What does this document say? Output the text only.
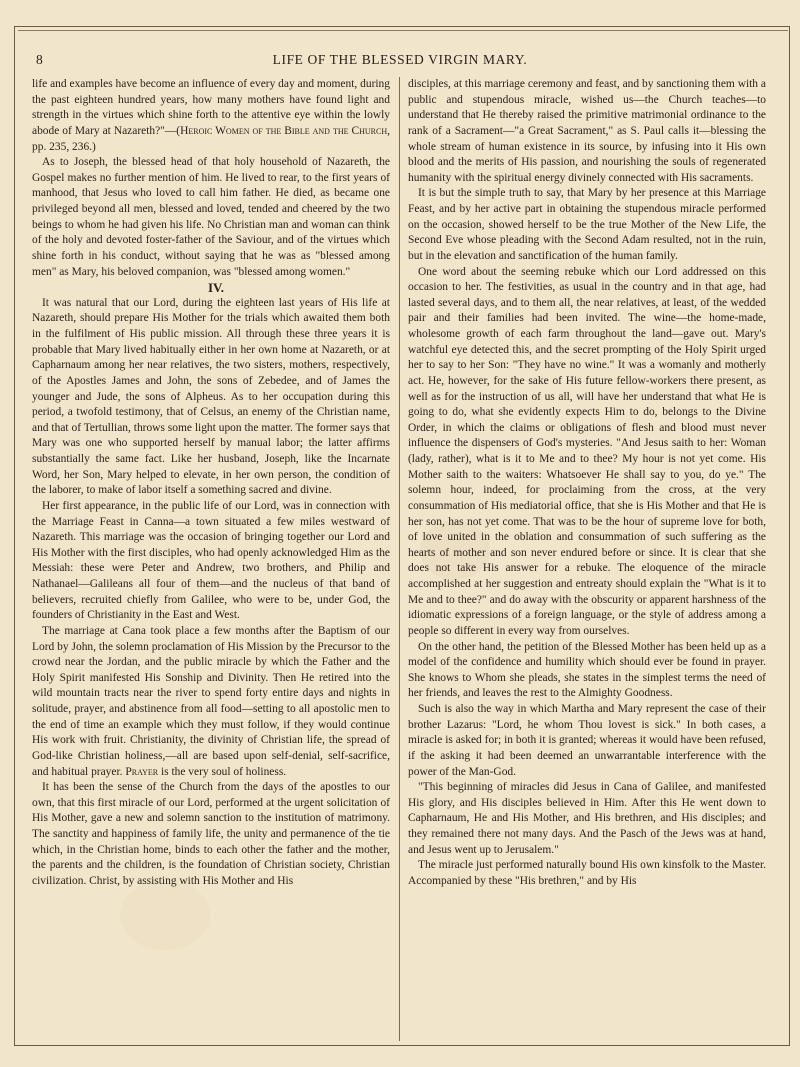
8	LIFE OF THE BLESSED VIRGIN MARY.

life and examples have become an influence of every day and moment, during the past eighteen hundred years, how many mothers have found light and strength in the virtues which shine forth to the attentive eye within the lowly abode of Mary at Nazareth?"—(Heroic Women of the Bible and the Church, pp. 235, 236.)

As to Joseph, the blessed head of that holy household of Nazareth, the Gospel makes no further mention of him. He lived to rear, to the first years of manhood, that Jesus who loved to call him father. He died, as became one privileged beyond all men, blessed and loved, tended and cheered by the two beings to whom he had given his life. No Christian man and woman can think of the holy and devoted foster-father of the Saviour, and of the virtues which shine forth in his conduct, without saying that he was as "blessed among men" as Mary, his beloved companion, was "blessed among women."

IV.

It was natural that our Lord, during the eighteen last years of His life at Nazareth, should prepare His Mother for the trials which awaited them both in the fulfilment of His public mission. All through these three years it is probable that Mary lived habitually either in her own home at Nazareth, or at Capharnaum among her near relatives, the two sisters, mothers, respectively, of the Apostles James and John, the sons of Zebedee, and of James the younger and Jude, the sons of Alpheus. As to her occupation during this period, a twofold testimony, that of Celsus, an enemy of the Christian name, and that of Tertullian, throws some light upon the matter. The former says that Mary was one who supported herself by manual labor; the latter affirms substantially the same fact. Like her husband, Joseph, like the Incarnate Word, her Son, Mary helped to elevate, in her own person, the condition of the laborer, to make of labor itself a something sacred and divine.

Her first appearance, in the public life of our Lord, was in connection with the Marriage Feast in Canna—a town situated a few miles westward of Nazareth. This marriage was the occasion of bringing together our Lord and His Mother with the first disciples, who had openly acknowledged Him as the Messiah: these were Peter and Andrew, two brothers, and Philip and Nathanael—Galileans all four of them—and the nucleus of that band of believers, recruited chiefly from Galilee, who were to be, under God, the founders of Christianity in the East and West.

The marriage at Cana took place a few months after the Baptism of our Lord by John, the solemn proclamation of His Mission by the Precursor to the crowd near the Jordan, and the public miracle by which the Father and the Holy Spirit manifested His Sonship and Divinity. Then He retired into the wild mountain tracts near the river to spend forty entire days and nights in solitude, prayer, and abstinence from all food—setting to all apostolic men to the end of time an example which they must follow, if they would continue His work with fruit. Christianity, the divinity of Christian life, the spread of God-like Christian holiness,—all are based upon self-denial, self-sacrifice, and habitual prayer. Prayer is the very soul of holiness.

It has been the sense of the Church from the days of the apostles to our own, that this first miracle of our Lord, performed at the urgent solicitation of His Mother, gave a new and solemn sanction to the institution of matrimony. The sanctity and happiness of family life, the unity and permanence of the tie which, in the Christian home, binds to each other the father and the mother, the parents and the children, is the foundation of Christian society, Christian civilization. Christ, by assisting with His Mother and His

disciples, at this marriage ceremony and feast, and by sanctioning them with a public and stupendous miracle, wished us—the Church teaches—to understand that He thereby raised the primitive matrimonial ordinance to the rank of a Sacrament—"a Great Sacrament," as S. Paul calls it—blessing the whole stream of human existence in its source, by infusing into it His own blood and the merits of His passion, and nourishing the souls of regenerated humanity with the spiritual energy divinely connected with His sacraments.

It is but the simple truth to say, that Mary by her presence at this Marriage Feast, and by her active part in obtaining the stupendous miracle performed on the occasion, showed herself to be the true Mother of the New Life, the Second Eve whose pleading with the Second Adam resulted, not in the ruin, but in the elevation and sanctification of the human family.

One word about the seeming rebuke which our Lord addressed on this occasion to her. The festivities, as usual in the country and in that age, had lasted several days, and to them all, the near relatives, at least, of the wedded pair and their families had been invited. The wine—the home-made, wholesome growth of each farm throughout the land—gave out. Mary's watchful eye detected this, and the secret prompting of the Holy Spirit urged her to say to her Son: "They have no wine." It was a womanly and motherly act. He, however, for the sake of His future fellow-workers there present, as well as for the instruction of us all, will have her understand that what He is going to do, what she evidently expects Him to do, belongs to the Divine Order, in which the claims or obligations of flesh and blood must never influence the dispensers of God's mysteries. "And Jesus saith to her: Woman (lady, rather), what is it to Me and to thee? My hour is not yet come. His Mother saith to the waiters: Whatsoever He shall say to you, do ye." The solemn hour, indeed, for proclaiming from the cross, at the very consummation of His mediatorial office, that she is His Mother and that He is her son, has not yet come. That was to be the hour of supreme love for both, of love united in the oblation and consummation of such suffering as the hearts of mother and son never endured before or since. It is clear that she does not take His answer for a rebuke. The eloquence of the miracle accomplished at her suggestion and entreaty should explain the "What is it to Me and to thee?" and do away with the obscurity or apparent harshness of the idiomatic expressions of a foreign language, or the style of address among a people so different in every way from ourselves.

On the other hand, the petition of the Blessed Mother has been held up as a model of the confidence and humility which should ever be found in prayer. She knows to Whom she pleads, she states in the simplest terms the need of her friends, and leaves the rest to the Almighty Goodness.

Such is also the way in which Martha and Mary represent the case of their brother Lazarus: "Lord, he whom Thou lovest is sick." In both cases, a miracle is asked for; in both it is granted; whereas it would have been refused, if the asking it had been deemed an unwarrantable interference with the power of the Man-God.

"This beginning of miracles did Jesus in Cana of Galilee, and manifested His glory, and His disciples believed in Him. After this He went down to Capharnaum, He and His Mother, and His brethren, and His disciples; and they remained there not many days. And the Pasch of the Jews was at hand, and Jesus went up to Jerusalem."

The miracle just performed naturally bound His own kinsfolk to the Master. Accompanied by these "His brethren," and by His
